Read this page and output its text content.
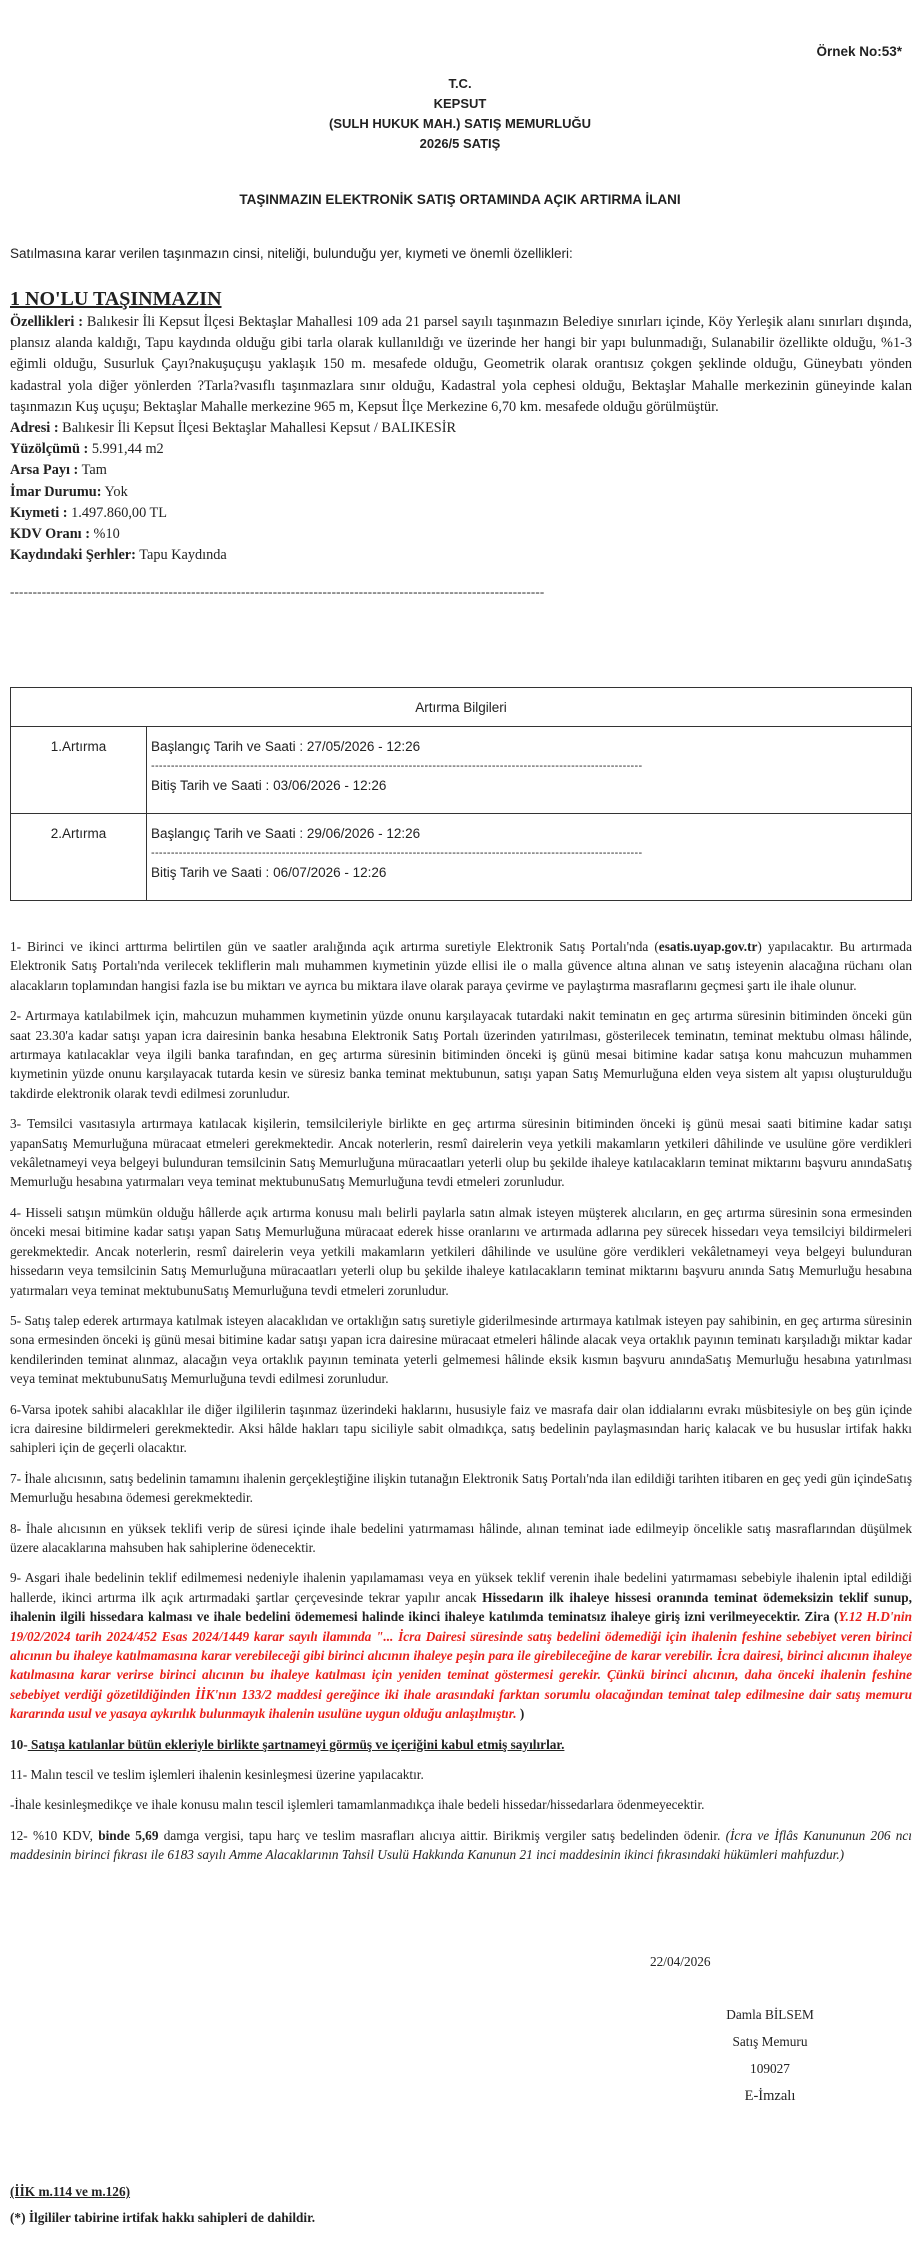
Örnek No:53*
T.C.
KEPSUT
(SULH HUKUK MAH.) SATIŞ MEMURLUĞU
2026/5 SATIŞ
TAŞINMAZIN ELEKTRONİK SATIŞ ORTAMINDA AÇIK ARTIRMA İLANI
Satılmasına karar verilen taşınmazın cinsi, niteliği, bulunduğu yer, kıymeti ve önemli özellikleri:
1 NO'LU TAŞINMAZIN
Özellikleri : Balıkesir İli Kepsut İlçesi Bektaşlar Mahallesi 109 ada 21 parsel sayılı taşınmazın Belediye sınırları içinde, Köy Yerleşik alanı sınırları dışında, plansız alanda kaldığı, Tapu kaydında olduğu gibi tarla olarak kullanıldığı ve üzerinde her hangi bir yapı bulunmadığı, Sulanabilir özellikte olduğu, %1-3 eğimli olduğu, Susurluk Çayı?nakuşuçuşu yaklaşık 150 m. mesafede olduğu, Geometrik olarak orantısız çokgen şeklinde olduğu, Güneybatı yönden kadastral yola diğer yönlerden ?Tarla?vasıflı taşınmazlara sınır olduğu, Kadastral yola cephesi olduğu, Bektaşlar Mahalle merkezinin güneyinde kalan taşınmazın Kuş uçuşu; Bektaşlar Mahalle merkezine 965 m, Kepsut İlçe Merkezine 6,70 km. mesafede olduğu görülmüştür.
Adresi : Balıkesir İli Kepsut İlçesi Bektaşlar Mahallesi Kepsut / BALIKESİR
Yüzölçümü : 5.991,44 m2
Arsa Payı : Tam
İmar Durumu: Yok
Kıymeti : 1.497.860,00 TL
KDV Oranı : %10
Kaydındaki Şerhler: Tapu Kaydında
----------------------------------------------------------------------------------------------------------------------
Artırma Bilgileri	
1.Artırma	Başlangıç Tarih ve Saati : 27/05/2026 - 12:26
----------------------------------------------------------------------------------------------------------------------------
Bitiş Tarih ve Saati : 03/06/2026 - 12:26

2.Artırma	Başlangıç Tarih ve Saati : 29/06/2026 - 12:26
----------------------------------------------------------------------------------------------------------------------------
Bitiş Tarih ve Saati : 06/07/2026 - 12:26

1- Birinci ve ikinci arttırma belirtilen gün ve saatler aralığında açık artırma suretiyle Elektronik Satış Portalı'nda (esatis.uyap.gov.tr) yapılacaktır. Bu artırmada Elektronik Satış Portalı'nda verilecek tekliflerin malı muhammen kıymetinin yüzde ellisi ile o malla güvence altına alınan ve satış isteyenin alacağına rüchanı olan alacakların toplamından hangisi fazla ise bu miktarı ve ayrıca bu miktara ilave olarak paraya çevirme ve paylaştırma masraflarını geçmesi şartı ile ihale olunur.

2- Artırmaya katılabilmek için, mahcuzun muhammen kıymetinin yüzde onunu karşılayacak tutardaki nakit teminatın en geç artırma süresinin bitiminden önceki gün saat 23.30'a kadar satışı yapan icra dairesinin banka hesabına Elektronik Satış Portalı üzerinden yatırılması, gösterilecek teminatın, teminat mektubu olması hâlinde, artırmaya katılacaklar veya ilgili banka tarafından, en geç artırma süresinin bitiminden önceki iş günü mesai bitimine kadar satışa konu mahcuzun muhammen kıymetinin yüzde onunu karşılayacak tutarda kesin ve süresiz banka teminat mektubunun, satışı yapan Satış Memurluğuna elden veya sistem alt yapısı oluşturulduğu takdirde elektronik olarak tevdi edilmesi zorunludur.

3- Temsilci vasıtasıyla artırmaya katılacak kişilerin, temsilcileriyle birlikte en geç artırma süresinin bitiminden önceki iş günü mesai saati bitimine kadar satışı yapanSatış Memurluğuna müracaat etmeleri gerekmektedir. Ancak noterlerin, resmî dairelerin veya yetkili makamların yetkileri dâhilinde ve usulüne göre verdikleri vekâletnameyi veya belgeyi bulunduran temsilcinin Satış Memurluğuna müracaatları yeterli olup bu şekilde ihaleye katılacakların teminat miktarını başvuru anındaSatış Memurluğu hesabına yatırmaları veya teminat mektubunuSatış Memurluğuna tevdi etmeleri zorunludur.

4- Hisseli satışın mümkün olduğu hâllerde açık artırma konusu malı belirli paylarla satın almak isteyen müşterek alıcıların, en geç artırma süresinin sona ermesinden önceki mesai bitimine kadar satışı yapan Satış Memurluğuna müracaat ederek hisse oranlarını ve artırmada adlarına pey sürecek hissedarı veya temsilciyi bildirmeleri gerekmektedir. Ancak noterlerin, resmî dairelerin veya yetkili makamların yetkileri dâhilinde ve usulüne göre verdikleri vekâletnameyi veya belgeyi bulunduran hissedarın veya temsilcinin Satış Memurluğuna müracaatları yeterli olup bu şekilde ihaleye katılacakların teminat miktarını başvuru anında Satış Memurluğu hesabına yatırmaları veya teminat mektubunuSatış Memurluğuna tevdi etmeleri zorunludur.

5- Satış talep ederek artırmaya katılmak isteyen alacaklıdan ve ortaklığın satış suretiyle giderilmesinde artırmaya katılmak isteyen pay sahibinin, en geç artırma süresinin sona ermesinden önceki iş günü mesai bitimine kadar satışı yapan icra dairesine müracaat etmeleri hâlinde alacak veya ortaklık payının teminatı karşıladığı miktar kadar kendilerinden teminat alınmaz, alacağın veya ortaklık payının teminata yeterli gelmemesi hâlinde eksik kısmın başvuru anındaSatış Memurluğu hesabına yatırılması veya teminat mektubunuSatış Memurluğuna tevdi edilmesi zorunludur.

6-Varsa ipotek sahibi alacaklılar ile diğer ilgililerin taşınmaz üzerindeki haklarını, hususiyle faiz ve masrafa dair olan iddialarını evrakı müsbitesiyle on beş gün içinde icra dairesine bildirmeleri gerekmektedir. Aksi hâlde hakları tapu siciliyle sabit olmadıkça, satış bedelinin paylaşmasından hariç kalacak ve bu hususlar irtifak hakkı sahipleri için de geçerli olacaktır.

7- İhale alıcısının, satış bedelinin tamamını ihalenin gerçekleştiğine ilişkin tutanağın Elektronik Satış Portalı'nda ilan edildiği tarihten itibaren en geç yedi gün içindeSatış Memurluğu hesabına ödemesi gerekmektedir.

8- İhale alıcısının en yüksek teklifi verip de süresi içinde ihale bedelini yatırmaması hâlinde, alınan teminat iade edilmeyip öncelikle satış masraflarından düşülmek üzere alacaklarına mahsuben hak sahiplerine ödenecektir.

9- Asgari ihale bedelinin teklif edilmemesi nedeniyle ihalenin yapılamaması veya en yüksek teklif verenin ihale bedelini yatırmaması sebebiyle ihalenin iptal edildiği hallerde, ikinci artırma ilk açık artırmadaki şartlar çerçevesinde tekrar yapılır ancak Hissedarın ilk ihaleye hissesi oranında teminat ödemeksizin teklif sunup, ihalenin ilgili hissedara kalması ve ihale bedelini ödememesi halinde ikinci ihaleye katılımda teminatsız ihaleye giriş izni verilmeyecektir. Zira (Y.12 H.D'nin 19/02/2024 tarih 2024/452 Esas 2024/1449 karar sayılı ilamında "... İcra Dairesi süresinde satış bedelini ödemediği için ihalenin feshine sebebiyet veren birinci alıcının bu ihaleye katılmamasına karar verebileceği gibi birinci alıcının ihaleye peşin para ile girebileceğine de karar verebilir. İcra dairesi, birinci alıcının ihaleye katılmasına karar verirse birinci alıcının bu ihaleye katılması için yeniden teminat göstermesi gerekir. Çünkü birinci alıcının, daha önceki ihalenin feshine sebebiyet verdiği gözetildiğinden İİK'nın 133/2 maddesi gereğince iki ihale arasındaki farktan sorumlu olacağından teminat talep edilmesine dair satış memuru kararında usul ve yasaya aykırılık bulunmayık ihalenin usulüne uygun olduğu anlaşılmıştır. )

10- Satışa katılanlar bütün ekleriyle birlikte şartnameyi görmüş ve içeriğini kabul etmiş sayılırlar.

11- Malın tescil ve teslim işlemleri ihalenin kesinleşmesi üzerine yapılacaktır.

-İhale kesinleşmedikçe ve ihale konusu malın tescil işlemleri tamamlanmadıkça ihale bedeli hissedar/hissedarlara ödenmeyecektir.

12- %10 KDV, binde 5,69 damga vergisi, tapu harç ve teslim masrafları alıcıya aittir. Birikmiş vergiler satış bedelinden ödenir. (İcra ve İflâs Kanununun 206 ncı maddesinin birinci fıkrası ile 6183 sayılı Amme Alacaklarının Tahsil Usulü Hakkında Kanunun 21 inci maddesinin ikinci fıkrasındaki hükümleri mahfuzdur.)

22/04/2026
Damla BİLSEM
Satış Memuru
109027
E-İmzalı
(İİK m.114 ve m.126)
(*) İlgililer tabirine irtifak hakkı sahipleri de dahildir.
